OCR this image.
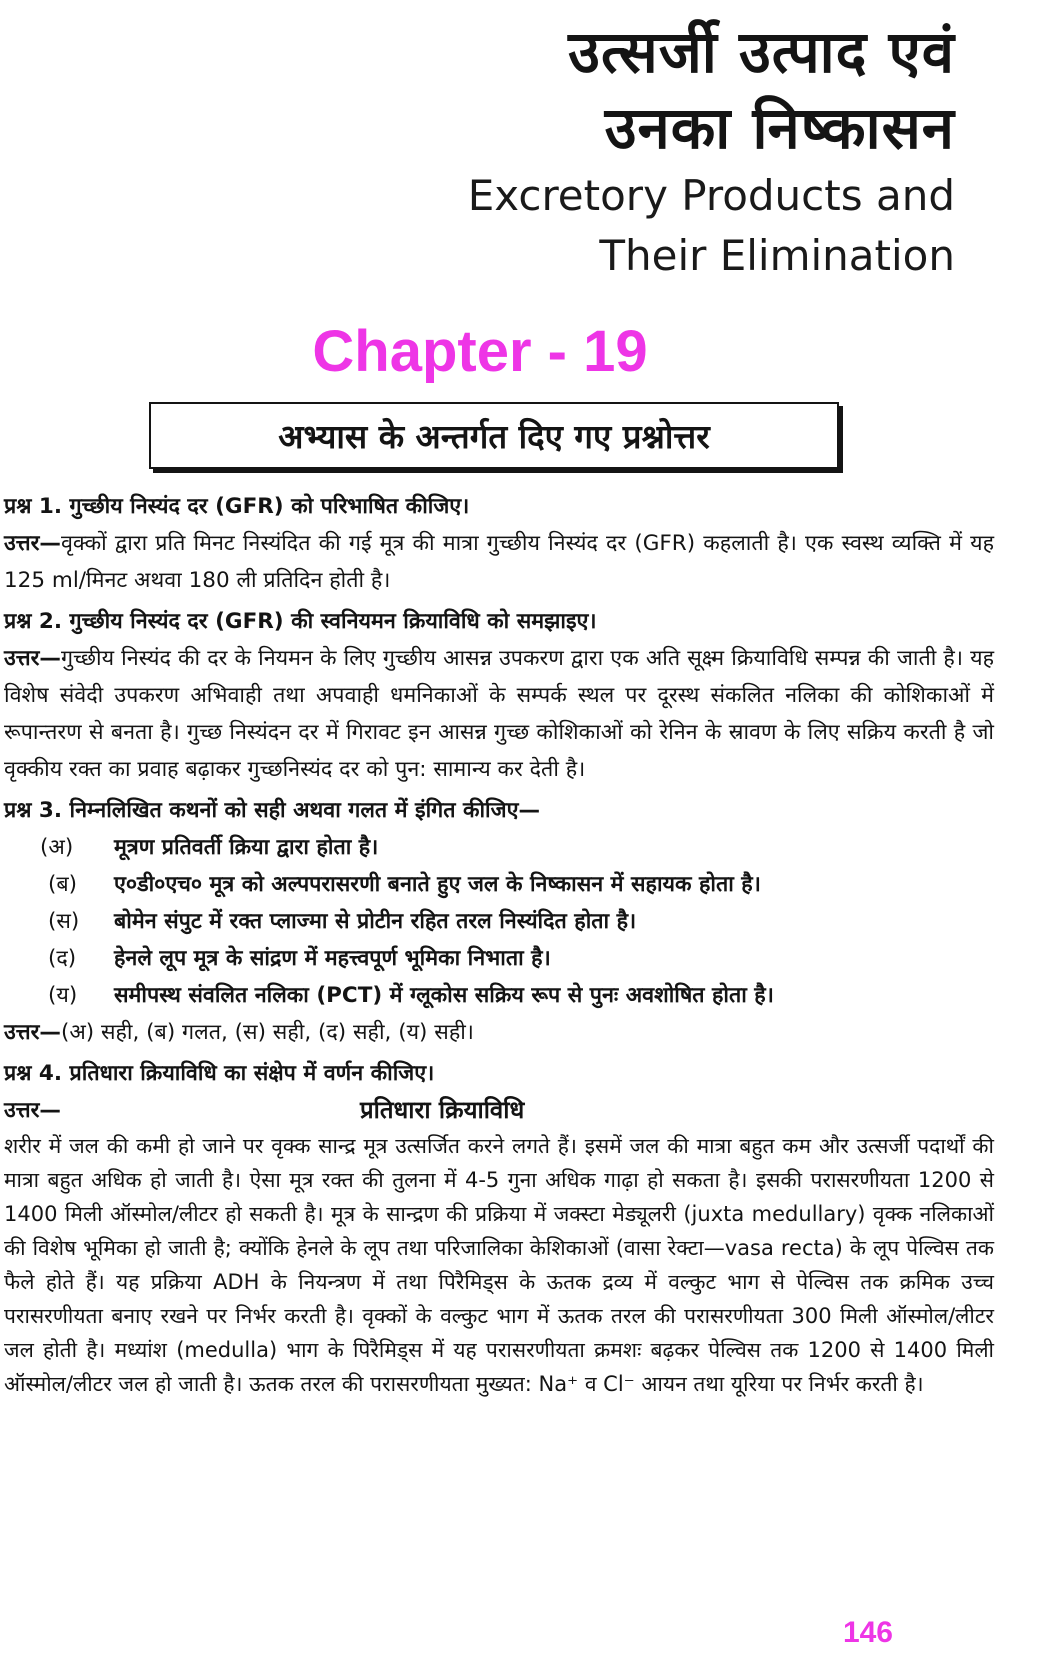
उत्सर्जी उत्पाद एवं
उनका निष्कासन
Excretory Products and
Their Elimination
Chapter - 19
अभ्यास के अन्तर्गत दिए गए प्रश्नोत्तर
प्रश्न 1. गुच्छीय निस्यंद दर (GFR) को परिभाषित कीजिए।
उत्तर—वृक्कों द्वारा प्रति मिनट निस्यंदित की गई मूत्र की मात्रा गुच्छीय निस्यंद दर (GFR) कहलाती है। एक स्वस्थ व्यक्ति में यह 125 ml/मिनट अथवा 180 ली प्रतिदिन होती है।
प्रश्न 2. गुच्छीय निस्यंद दर (GFR) की स्वनियमन क्रियाविधि को समझाइए।
उत्तर—गुच्छीय निस्यंद की दर के नियमन के लिए गुच्छीय आसन्न उपकरण द्वारा एक अति सूक्ष्म क्रियाविधि सम्पन्न की जाती है। यह विशेष संवेदी उपकरण अभिवाही तथा अपवाही धमनिकाओं के सम्पर्क स्थल पर दूरस्थ संकलित नलिका की कोशिकाओं में रूपान्तरण से बनता है। गुच्छ निस्यंदन दर में गिरावट इन आसन्न गुच्छ कोशिकाओं को रेनिन के स्रावण के लिए सक्रिय करती है जो वृक्कीय रक्त का प्रवाह बढ़ाकर गुच्छनिस्यंद दर को पुन: सामान्य कर देती है।
प्रश्न 3. निम्नलिखित कथनों को सही अथवा गलत में इंगित कीजिए—
(अ)	मूत्रण प्रतिवर्ती क्रिया द्वारा होता है।
(ब)	ए०डी०एच० मूत्र को अल्पपरासरणी बनाते हुए जल के निष्कासन में सहायक होता है।
(स)	बोमेन संपुट में रक्त प्लाज्मा से प्रोटीन रहित तरल निस्यंदित होता है।
(द)	हेनले लूप मूत्र के सांद्रण में महत्त्वपूर्ण भूमिका निभाता है।
(य)	समीपस्थ संवलित नलिका (PCT) में ग्लूकोस सक्रिय रूप से पुनः अवशोषित होता है।
उत्तर—(अ) सही, (ब) गलत, (स) सही, (द) सही, (य) सही।
प्रश्न 4. प्रतिधारा क्रियाविधि का संक्षेप में वर्णन कीजिए।
उत्तर—	प्रतिधारा क्रियाविधि
शरीर में जल की कमी हो जाने पर वृक्क सान्द्र मूत्र उत्सर्जित करने लगते हैं। इसमें जल की मात्रा बहुत कम और उत्सर्जी पदार्थों की मात्रा बहुत अधिक हो जाती है। ऐसा मूत्र रक्त की तुलना में 4-5 गुना अधिक गाढ़ा हो सकता है। इसकी परासरणीयता 1200 से 1400 मिली ऑस्मोल/लीटर हो सकती है। मूत्र के सान्द्रण की प्रक्रिया में जक्स्टा मेड्यूलरी (juxta medullary) वृक्क नलिकाओं की विशेष भूमिका हो जाती है; क्योंकि हेनले के लूप तथा परिजालिका केशिकाओं (वासा रेक्टा—vasa recta) के लूप पेल्विस तक फैले होते हैं। यह प्रक्रिया ADH के नियन्त्रण में तथा पिरैमिड्स के ऊतक द्रव्य में वल्कुट भाग से पेल्विस तक क्रमिक उच्च परासरणीयता बनाए रखने पर निर्भर करती है। वृक्कों के वल्कुट भाग में ऊतक तरल की परासरणीयता 300 मिली ऑस्मोल/लीटर जल होती है। मध्यांश (medulla) भाग के पिरैमिड्स में यह परासरणीयता क्रमशः बढ़कर पेल्विस तक 1200 से 1400 मिली ऑस्मोल/लीटर जल हो जाती है। ऊतक तरल की परासरणीयता मुख्यत: Na⁺ व Cl⁻ आयन तथा यूरिया पर निर्भर करती है।
146
